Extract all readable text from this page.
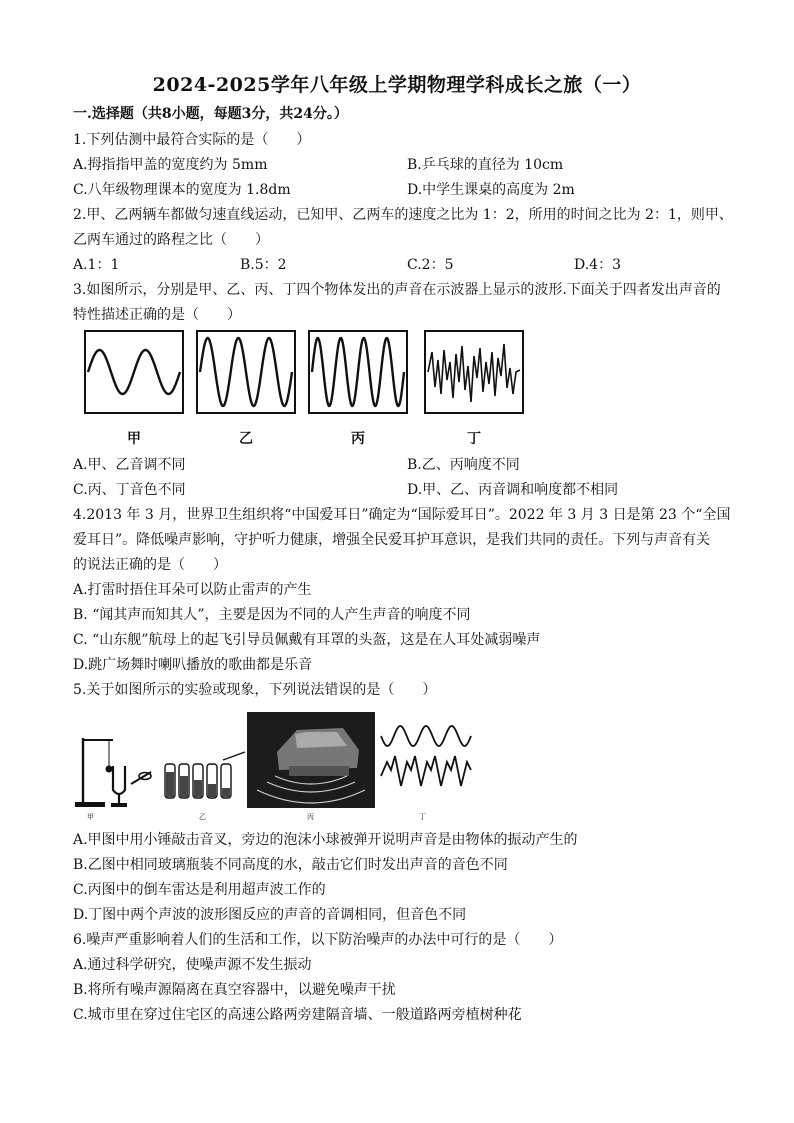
2024-2025学年八年级上学期物理学科成长之旅（一）
一.选择题（共8小题，每题3分，共24分。）
1.下列估测中最符合实际的是（　　）
A.拇指指甲盖的宽度约为 5mm	B.乒乓球的直径为 10cm
C.八年级物理课本的宽度为 1.8dm	D.中学生课桌的高度为 2m
2.甲、乙两辆车都做匀速直线运动，已知甲、乙两车的速度之比为 1：2，所用的时间之比为 2：1，则甲、
乙两车通过的路程之比（　　）
A.1：1	B.5：2	C.2：5	D.4：3
3.如图所示，分别是甲、乙、丙、丁四个物体发出的声音在示波器上显示的波形.下面关于四者发出声音的
特性描述正确的是（　　）
甲	乙	丙	丁
A.甲、乙音调不同	B.乙、丙响度不同
C.丙、丁音色不同	D.甲、乙、丙音调和响度都不相同
4.2013 年 3 月，世界卫生组织将“中国爱耳日”确定为“国际爱耳日”。2022 年 3 月 3 日是第 23 个“全国
爱耳日”。降低噪声影响，守护听力健康，增强全民爱耳护耳意识，是我们共同的责任。下列与声音有关
的说法正确的是（　　）
A.打雷时捂住耳朵可以防止雷声的产生
B. “闻其声而知其人”，主要是因为不同的人产生声音的响度不同
C. “山东舰”航母上的起飞引导员佩戴有耳罩的头盔，这是在人耳处减弱噪声
D.跳广场舞时喇叭播放的歌曲都是乐音
5.关于如图所示的实验或现象，下列说法错误的是（　　）
甲	乙	丙	丁
A.甲图中用小锤敲击音叉，旁边的泡沫小球被弹开说明声音是由物体的振动产生的
B.乙图中相同玻璃瓶装不同高度的水，敲击它们时发出声音的音色不同
C.丙图中的倒车雷达是利用超声波工作的
D.丁图中两个声波的波形图反应的声音的音调相同，但音色不同
6.噪声严重影响着人们的生活和工作，以下防治噪声的办法中可行的是（　　）
A.通过科学研究，使噪声源不发生振动
B.将所有噪声源隔离在真空容器中，以避免噪声干扰
C.城市里在穿过住宅区的高速公路两旁建隔音墙、一般道路两旁植树种花
